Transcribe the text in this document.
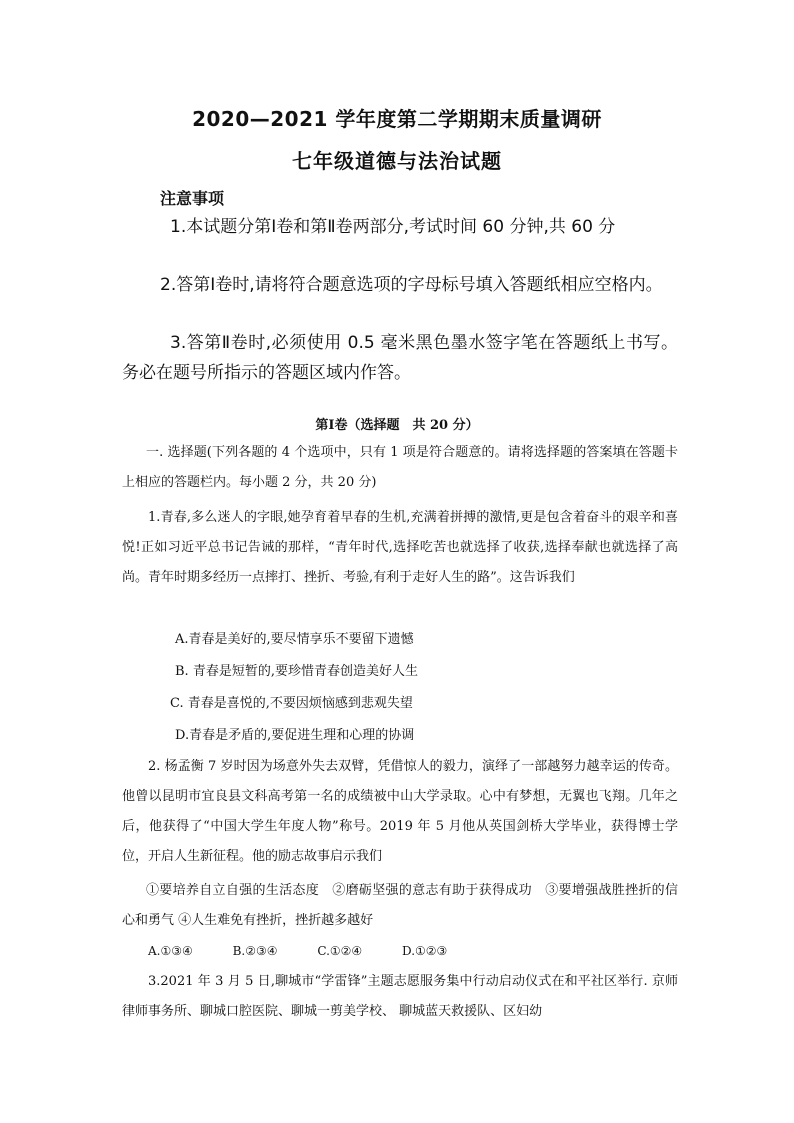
2020—2021 学年度第二学期期末质量调研
七年级道德与法治试题
注意事项
1.本试题分第Ⅰ卷和第Ⅱ卷两部分,考试时间 60 分钟,共 60 分
2.答第Ⅰ卷时,请将符合题意选项的字母标号填入答题纸相应空格内。
3.答第Ⅱ卷时,必须使用 0.5 毫米黑色墨水签字笔在答题纸上书写。务必在题号所指示的答题区域内作答。
第Ⅰ卷（选择题　共 20 分）
一. 选择题(下列各题的 4 个选项中，只有 1 项是符合题意的。请将选择题的答案填在答题卡上相应的答题栏内。每小题 2 分，共 20 分)
1.青春,多么迷人的字眼,她孕育着早春的生机,充满着拼搏的激情,更是包含着奋斗的艰辛和喜悦!正如习近平总书记告诫的那样，“青年时代,选择吃苦也就选择了收获,选择奉献也就选择了高尚。青年时期多经历一点摔打、挫折、考验,有利于走好人生的路”。这告诉我们
A.青春是美好的,要尽情享乐不要留下遗憾
B. 青春是短暂的,要珍惜青春创造美好人生
C. 青春是喜悦的,不要因烦恼感到悲观失望
D.青春是矛盾的,要促进生理和心理的协调
2. 杨孟衡 7 岁时因为场意外失去双臂，凭借惊人的毅力，演绎了一部越努力越幸运的传奇。他曾以昆明市宜良县文科高考第一名的成绩被中山大学录取。心中有梦想，无翼也飞翔。几年之后，他获得了“中国大学生年度人物”称号。2019 年 5 月他从英国剑桥大学毕业，获得博士学位，开启人生新征程。他的励志故事启示我们
①要培养自立自强的生活态度　②磨砺坚强的意志有助于获得成功　③要增强战胜挫折的信心和勇气 ④人生难免有挫折，挫折越多越好
A.①③④	B.②③④	C.①②④	D.①②③
3.2021 年 3 月 5 日,聊城市“学雷锋”主题志愿服务集中行动启动仪式在和平社区举行. 京师律师事务所、聊城口腔医院、聊城一剪美学校、 聊城蓝天救援队、区妇幼
